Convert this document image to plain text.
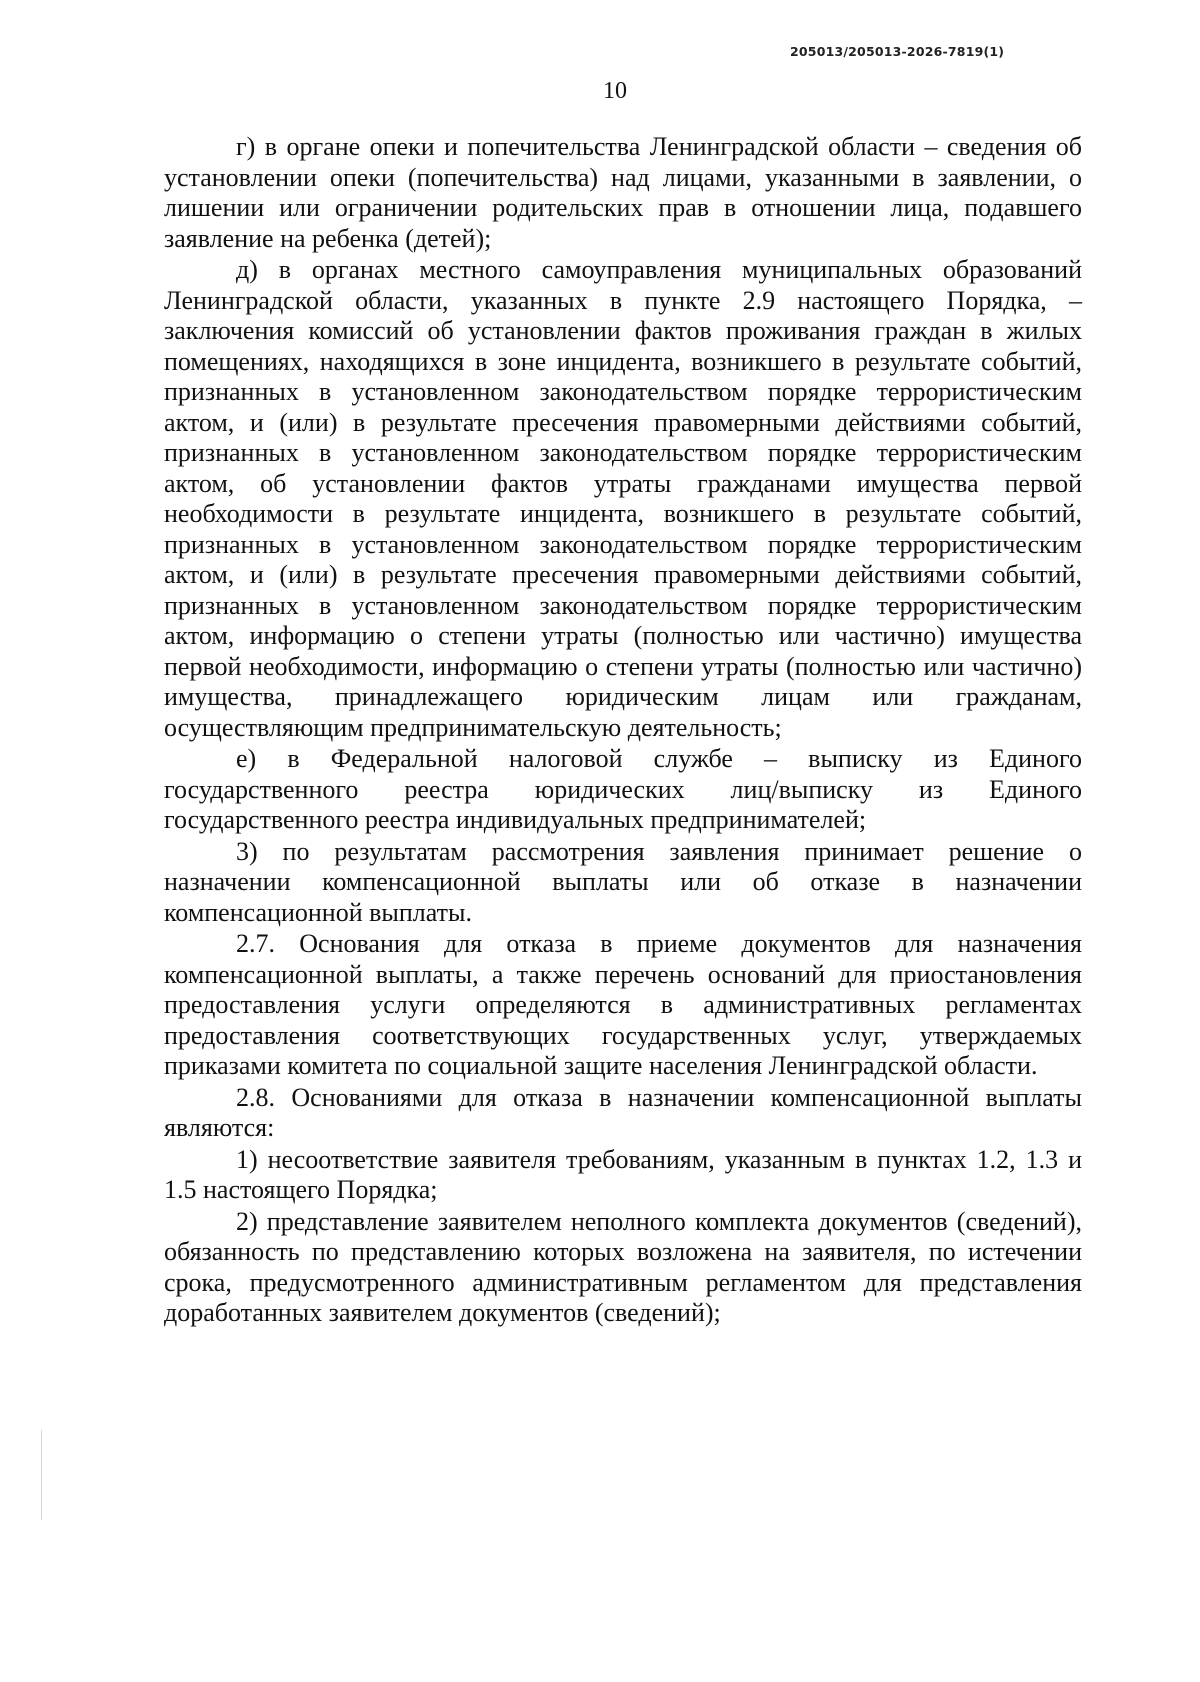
205013/205013-2026-7819(1)
10

г) в органе опеки и попечительства Ленинградской области – сведения об установлении опеки (попечительства) над лицами, указанными в заявлении, о лишении или ограничении родительских прав в отношении лица, подавшего заявление на ребенка (детей);

д) в органах местного самоуправления муниципальных образований Ленинградской области, указанных в пункте 2.9 настоящего Порядка, – заключения комиссий об установлении фактов проживания граждан в жилых помещениях, находящихся в зоне инцидента, возникшего в результате событий, признанных в установленном законодательством порядке террористическим актом, и (или) в результате пресечения правомерными действиями событий, признанных в установленном законодательством порядке террористическим актом, об установлении фактов утраты гражданами имущества первой необходимости в результате инцидента, возникшего в результате событий, признанных в установленном законодательством порядке террористическим актом, и (или) в результате пресечения правомерными действиями событий, признанных в установленном законодательством порядке террористическим актом, информацию о степени утраты (полностью или частично) имущества первой необходимости, информацию о степени утраты (полностью или частично) имущества, принадлежащего юридическим лицам или гражданам, осуществляющим предпринимательскую деятельность;

е) в Федеральной налоговой службе – выписку из Единого государственного реестра юридических лиц/выписку из Единого государственного реестра индивидуальных предпринимателей;

3) по результатам рассмотрения заявления принимает решение о назначении компенсационной выплаты или об отказе в назначении компенсационной выплаты.

2.7. Основания для отказа в приеме документов для назначения компенсационной выплаты, а также перечень оснований для приостановления предоставления услуги определяются в административных регламентах предоставления соответствующих государственных услуг, утверждаемых приказами комитета по социальной защите населения Ленинградской области.

2.8. Основаниями для отказа в назначении компенсационной выплаты являются:

1) несоответствие заявителя требованиям, указанным в пунктах 1.2, 1.3 и 1.5 настоящего Порядка;

2) представление заявителем неполного комплекта документов (сведений), обязанность по представлению которых возложена на заявителя, по истечении срока, предусмотренного административным регламентом для представления доработанных заявителем документов (сведений);
